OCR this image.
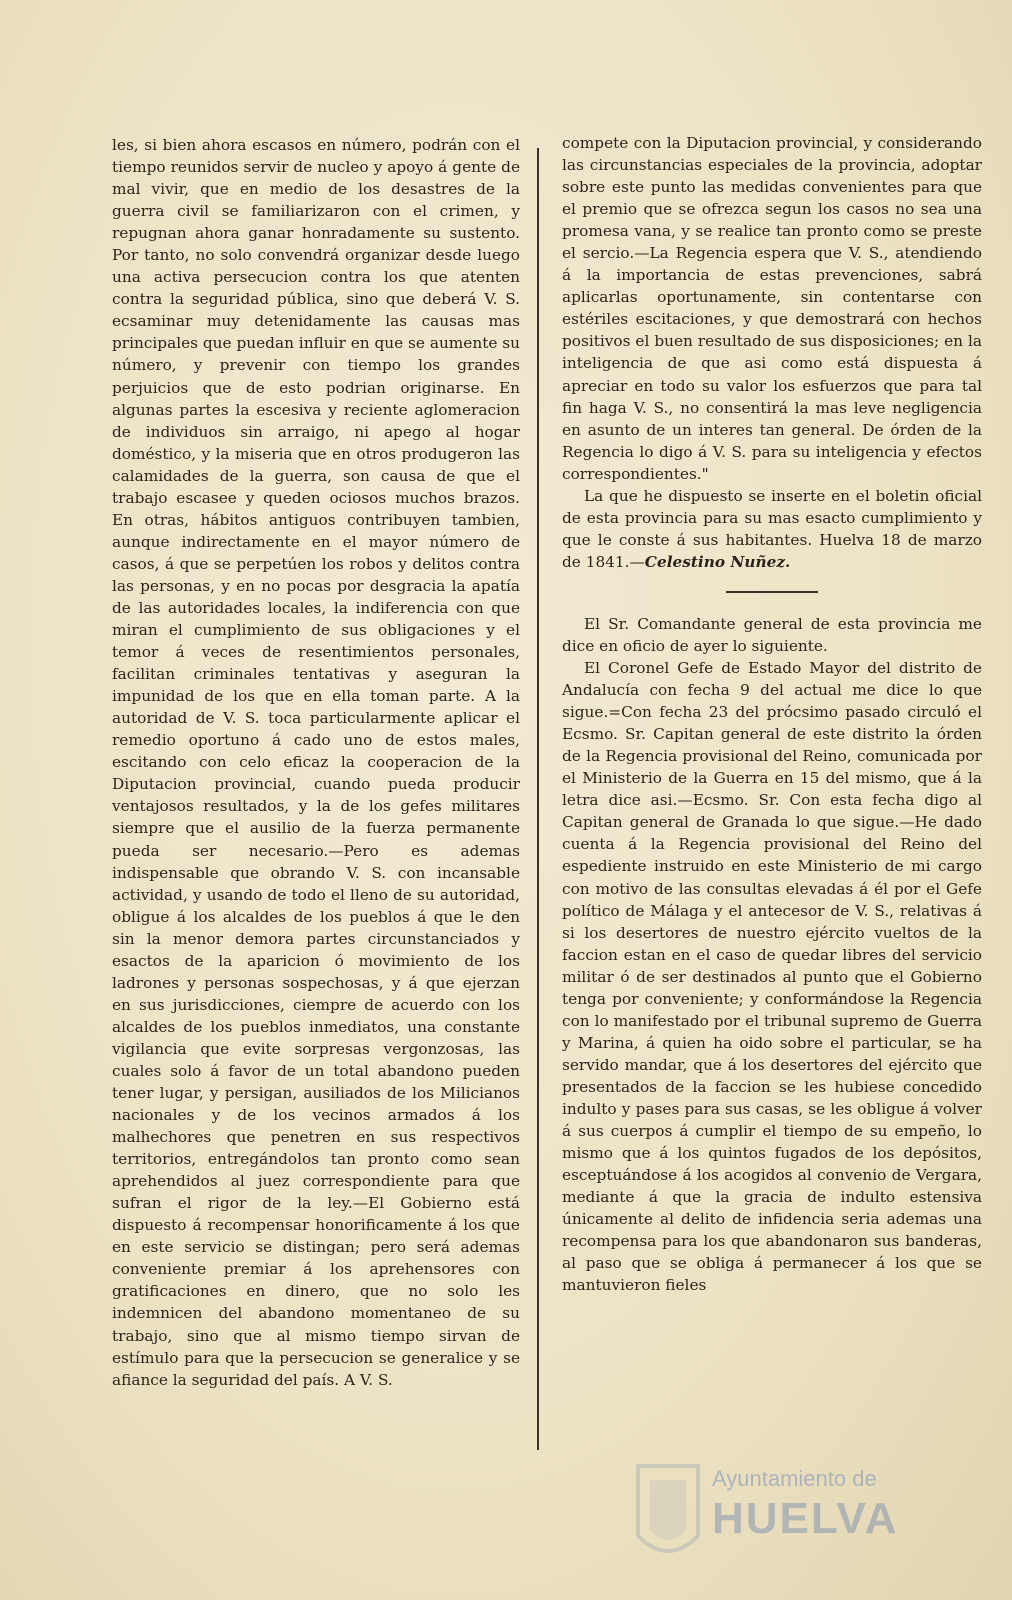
les, si bien ahora escasos en número, podrán con el tiempo reunidos servir de nucleo y apoyo á gente de mal vivir, que en medio de los desastres de la guerra civil se familiarizaron con el crimen, y repugnan ahora ganar honradamente su sustento. Por tanto, no solo convendrá organizar desde luego una activa persecucion contra los que atenten contra la seguridad pública, sino que deberá V. S. ecsaminar muy detenidamente las causas mas principales que puedan influir en que se aumente su número, y prevenir con tiempo los grandes perjuicios que de esto podrian originarse. En algunas partes la escesiva y reciente aglomeracion de individuos sin arraigo, ni apego al hogar doméstico, y la miseria que en otros produgeron las calamidades de la guerra, son causa de que el trabajo escasee y queden ociosos muchos brazos. En otras, hábitos antiguos contribuyen tambien, aunque indirectamente en el mayor número de casos, á que se perpetúen los robos y delitos contra las personas, y en no pocas por desgracia la apatía de las autoridades locales, la indiferencia con que miran el cumplimiento de sus obligaciones y el temor á veces de resentimientos personales, facilitan criminales tentativas y aseguran la impunidad de los que en ella toman parte. A la autoridad de V. S. toca particularmente aplicar el remedio oportuno á cado uno de estos males, escitando con celo eficaz la cooperacion de la Diputacion provincial, cuando pueda producir ventajosos resultados, y la de los gefes militares siempre que el ausilio de la fuerza permanente pueda ser necesario.—Pero es ademas indispensable que obrando V. S. con incansable actividad, y usando de todo el lleno de su autoridad, obligue á los alcaldes de los pueblos á que le den sin la menor demora partes circunstanciados y esactos de la aparicion ó movimiento de los ladrones y personas sospechosas, y á que ejerzan en sus jurisdicciones, ciempre de acuerdo con los alcaldes de los pueblos inmediatos, una constante vigilancia que evite sorpresas vergonzosas, las cuales solo á favor de un total abandono pueden tener lugar, y persigan, ausiliados de los Milicianos nacionales y de los vecinos armados á los malhechores que penetren en sus respectivos territorios, entregándolos tan pronto como sean aprehendidos al juez correspondiente para que sufran el rigor de la ley.—El Gobierno está dispuesto á recompensar honorificamente á los que en este servicio se distingan; pero será ademas conveniente premiar á los aprehensores con gratificaciones en dinero, que no solo les indemnicen del abandono momentaneo de su trabajo, sino que al mismo tiempo sirvan de estímulo para que la persecucion se generalice y se afiance la seguridad del país. A V. S.

compete con la Diputacion provincial, y considerando las circunstancias especiales de la provincia, adoptar sobre este punto las medidas convenientes para que el premio que se ofrezca segun los casos no sea una promesa vana, y se realice tan pronto como se preste el sercio.—La Regencia espera que V. S., atendiendo á la importancia de estas prevenciones, sabrá aplicarlas oportunamente, sin contentarse con estériles escitaciones, y que demostrará con hechos positivos el buen resultado de sus disposiciones; en la inteligencia de que asi como está dispuesta á apreciar en todo su valor los esfuerzos que para tal fin haga V. S., no consentirá la mas leve negligencia en asunto de un interes tan general. De órden de la Regencia lo digo á V. S. para su inteligencia y efectos correspondientes."

La que he dispuesto se inserte en el boletin oficial de esta provincia para su mas esacto cumplimiento y que le conste á sus habitantes. Huelva 18 de marzo de 1841.—Celestino Nuñez.

El Sr. Comandante general de esta provincia me dice en oficio de ayer lo siguiente.

El Coronel Gefe de Estado Mayor del distrito de Andalucía con fecha 9 del actual me dice lo que sigue.=Con fecha 23 del prócsimo pasado circuló el Ecsmo. Sr. Capitan general de este distrito la órden de la Regencia provisional del Reino, comunicada por el Ministerio de la Guerra en 15 del mismo, que á la letra dice asi.—Ecsmo. Sr. Con esta fecha digo al Capitan general de Granada lo que sigue.—He dado cuenta á la Regencia provisional del Reino del espediente instruido en este Ministerio de mi cargo con motivo de las consultas elevadas á él por el Gefe político de Málaga y el antecesor de V. S., relativas á si los desertores de nuestro ejército vueltos de la faccion estan en el caso de quedar libres del servicio militar ó de ser destinados al punto que el Gobierno tenga por conveniente; y conformándose la Regencia con lo manifestado por el tribunal supremo de Guerra y Marina, á quien ha oido sobre el particular, se ha servido mandar, que á los desertores del ejército que presentados de la faccion se les hubiese concedido indulto y pases para sus casas, se les obligue á volver á sus cuerpos á cumplir el tiempo de su empeño, lo mismo que á los quintos fugados de los depósitos, esceptuándose á los acogidos al convenio de Vergara, mediante á que la gracia de indulto estensiva únicamente al delito de infidencia seria ademas una recompensa para los que abandonaron sus banderas, al paso que se obliga á permanecer á los que se mantuvieron fieles

Ayuntamiento de
HUELVA
